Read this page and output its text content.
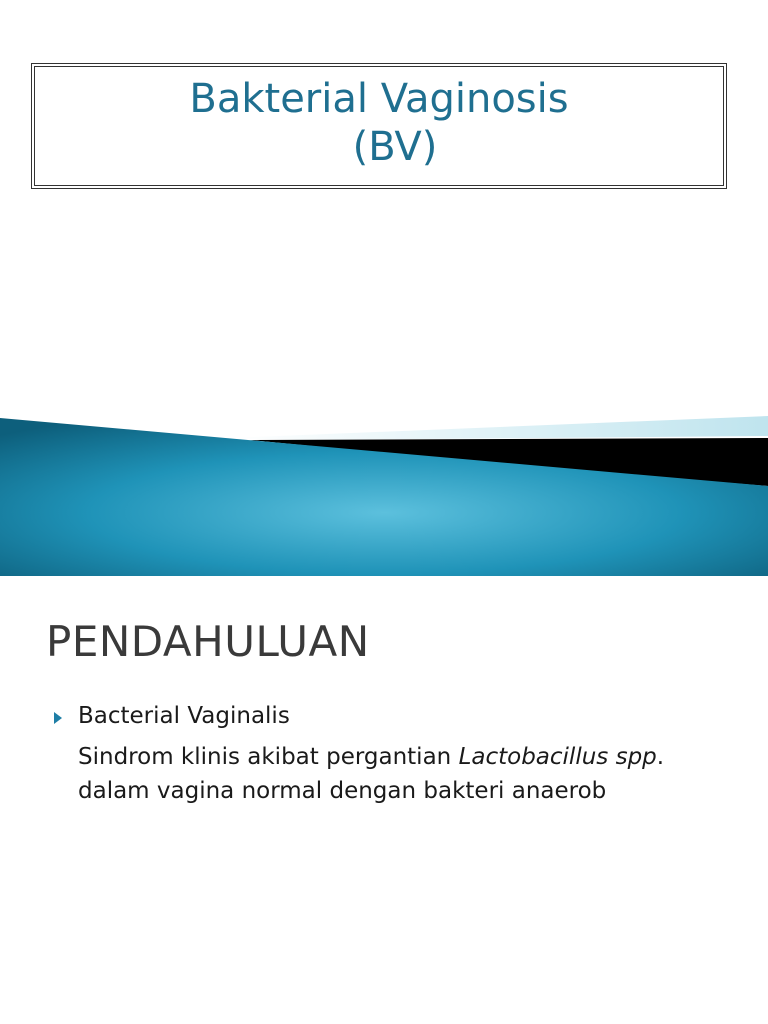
Bakterial Vaginosis
(BV)
PENDAHULUAN
Bacterial Vaginalis
Sindrom klinis akibat pergantian Lactobacillus spp. dalam vagina normal dengan bakteri anaerob
